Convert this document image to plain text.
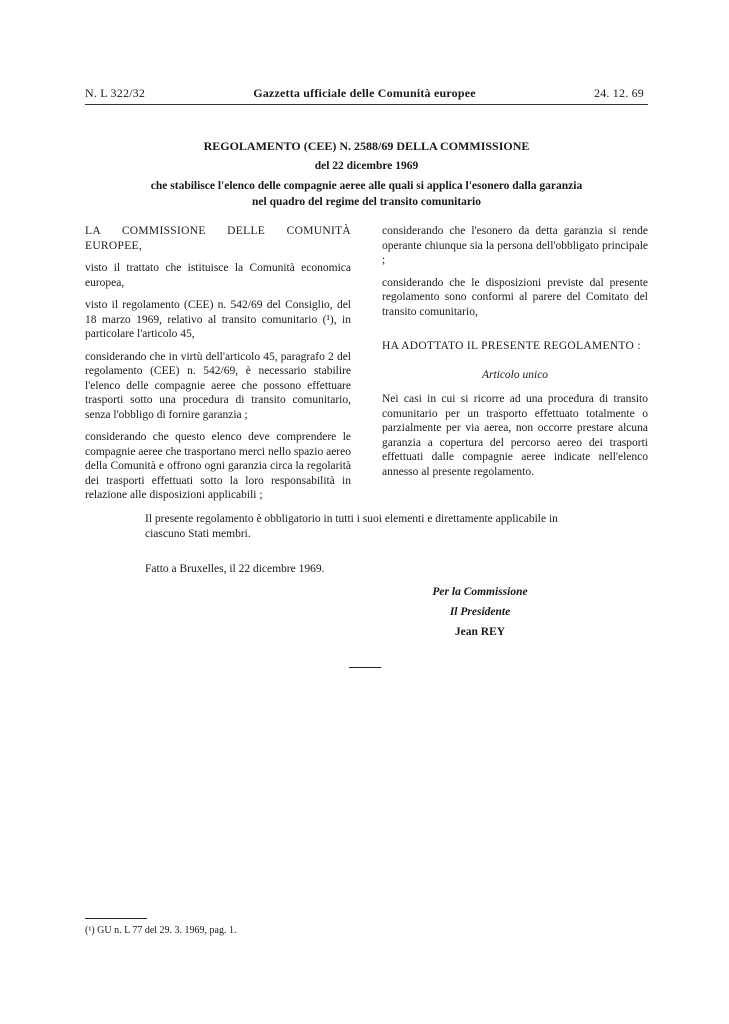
N. L 322/32	Gazzetta ufficiale delle Comunità europee	24. 12. 69
REGOLAMENTO (CEE) N. 2588/69 DELLA COMMISSIONE
del 22 dicembre 1969
che stabilisce l'elenco delle compagnie aeree alle quali si applica l'esonero dalla garanzia
nel quadro del regime del transito comunitario

LA COMMISSIONE DELLE COMUNITÀ EUROPEE,

visto il trattato che istituisce la Comunità economica europea,

visto il regolamento (CEE) n. 542/69 del Consiglio, del 18 marzo 1969, relativo al transito comunitario (¹), in particolare l'articolo 45,

considerando che in virtù dell'articolo 45, paragrafo 2 del regolamento (CEE) n. 542/69, è necessario stabilire l'elenco delle compagnie aeree che possono effettuare trasporti sotto una procedura di transito comunitario, senza l'obbligo di fornire garanzia ;

considerando che questo elenco deve comprendere le compagnie aeree che trasportano merci nello spazio aereo della Comunità e offrono ogni garanzia circa la regolarità dei trasporti effettuati sotto la loro responsabilità in relazione alle disposizioni applicabili ;

considerando che l'esonero da detta garanzia si rende operante chiunque sia la persona dell'obbligato principale ;

considerando che le disposizioni previste dal presente regolamento sono conformi al parere del Comitato del transito comunitario,

HA ADOTTATO IL PRESENTE REGOLAMENTO :

Articolo unico

Nei casi in cui si ricorre ad una procedura di transito comunitario per un trasporto effettuato totalmente o parzialmente per via aerea, non occorre prestare alcuna garanzia a copertura del percorso aereo dei trasporti effettuati dalle compagnie aeree indicate nell'elenco annesso al presente regolamento.

Il presente regolamento è obbligatorio in tutti i suoi elementi e direttamente applicabile in ciascuno Stati membri.
Fatto a Bruxelles, il 22 dicembre 1969.
Per la Commissione
Il Presidente
Jean REY
(¹) GU n. L 77 del 29. 3. 1969, pag. 1.
